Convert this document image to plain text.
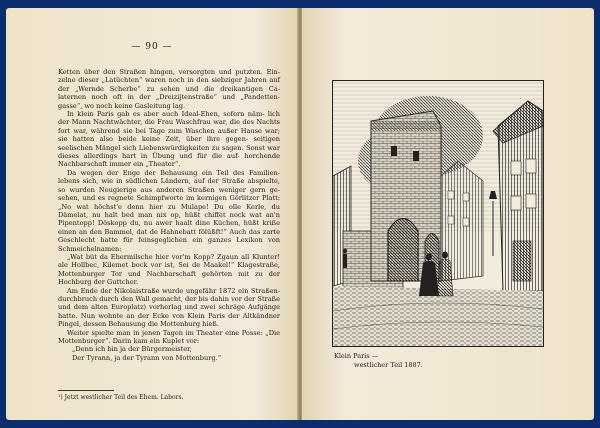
— 90 —

Ketten über den Straßen hingen, versorgten und putzten. Ein- zelne dieser „Latüchten“ waren noch in den siebziger Jahren auf der „Wernde Scherbe“ zu sehen und die dreikantigen Ca- laternen noch oft in der „Dreizijtenstraße“ und „Pandetten- gasse“, wo noch keine Gasleitung lag.

In klein Paris gab es aber auch Ideal-Ehen, sofern näm- lich der Mann Nachtwächter, die Frau Waschfrau war, die des Nachts fort war, während sie bei Tage zum Waschen außer Hause war; sie hatten also beide keine Zeit, über ihre gegen- seitigen seelischen Mängel sich Liebenswürdigkeiten zu sagen. Sonst war dieses allerdings hart in Übung und für die auf- horchende Nachbarschaft immer ein „Theater“.

Da wegen der Enge der Behausung ein Teil des Familien- lebens sich, wie in südlichen Ländern, auf der Straße abspielte, so wurden Neugierige aus anderen Straßen weniger gern ge- sehen, und es regnete Schimpfworte im kernigen Görlitzer Platt: „No wat höchst'e denn hier zu Mulape! Du olle Kerle, du Dämelat, nu halt bed man nix op, hüßt chiffet nock wat an'n Pipentopp! Döskopp du, nu awer haalt dine Küchen, hüßt kriße einen an den Bammel, dat de Hahnebatt fölüßft!“ Auch das zarte Geschlecht hatte für feinsgeglichen ein ganzes Lexikon von Schmeichelnamen:

„Wat büt da Ehermilsche hier vor'm Kopp? Zgaun all Klunter! ale Hollbec, Kilemet bock vor ist, Sei de Maakel!“ Klagestraße, Mottenburger Tor und Nachbarschaft gehörten mit zu der Hochburg der Guttcher.

Am Ende der Nikolaistraße wurde ungefähr 1872 ein Straßen- durchbruch durch den Wall gemacht, der bis dahin vor der Straße und dem alten Europlatz) vorherlag und zwei schräge Aufgänge hatte. Nun wohnte an der Ecke von Klein Paris der Altkändner Pingel, dessen Behausung die Mottenburg hieß.

Weiter spielte man in jenen Tagen im Theater eine Posse: „Die Mottenburger“. Darin kam ein Kuplet vor:

„Denn ich bin ja der Bürgermeister,

Der Tyrann, ja der Tyrann von Mottenburg.“

¹) Jetzt westlicher Teil des Ehem. Labors.
Klein Paris —
westlicher Teil 1887.
